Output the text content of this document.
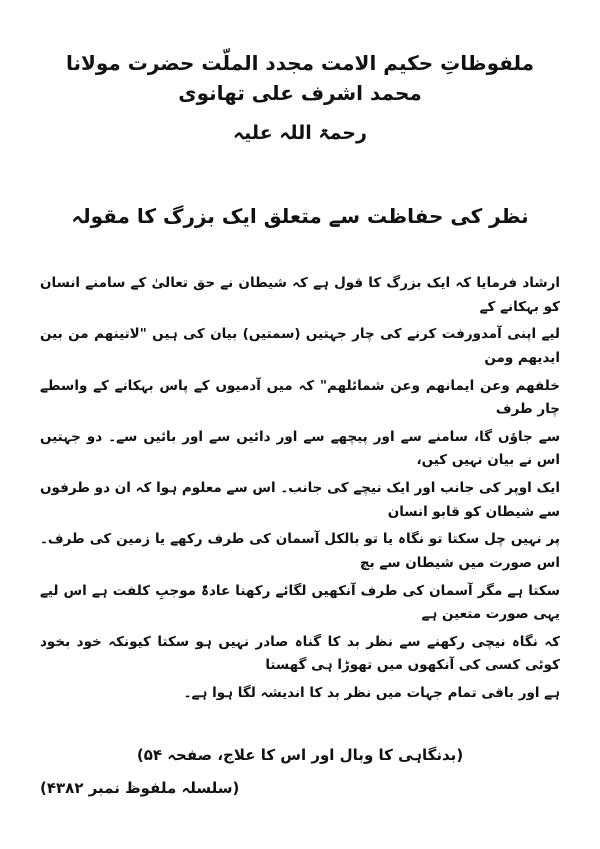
ملفوظاتِ حکیم الامت مجدد الملّت حضرت مولانا محمد اشرف علی تھانوی
رحمۃ اللہ علیہ
نظر کی حفاظت سے متعلق ایک بزرگ کا مقولہ
ارشاد فرمایا کہ ایک بزرگ کا قول ہے کہ شیطان نے حق تعالیٰ کے سامنے انسان کو بہکانے کے
لیے اپنی آمدورفت کرنے کی چار جہتیں (سمتیں) بیان کی ہیں "لاتینھم من بین ایدیھم ومن
خلفھم وعن ایمانھم وعن شمائلھم" کہ میں آدمیوں کے پاس بہکانے کے واسطے چار طرف
سے جاؤں گا، سامنے سے اور پیچھے سے اور دائیں سے اور بائیں سے۔ دو جہتیں اس نے بیان نہیں کیں،
ایک اوپر کی جانب اور ایک نیچے کی جانب۔ اس سے معلوم ہوا کہ ان دو طرفوں سے شیطان کو قابو انسان
پر نہیں چل سکتا تو نگاہ یا تو بالکل آسمان کی طرف رکھے یا زمین کی طرف۔ اس صورت میں شیطان سے بچ
سکتا ہے مگر آسمان کی طرف آنکھیں لگائے رکھنا عادۃً موجبِ کلفت ہے اس لیے یہی صورت متعین ہے
کہ نگاہ نیچی رکھنے سے نظر بد کا گناہ صادر نہیں ہو سکتا کیونکہ خود بخود کوئی کسی کی آنکھوں میں تھوڑا ہی گھستا
ہے اور باقی تمام جہات میں نظر بد کا اندیشہ لگا ہوا ہے۔
(بدنگاہی کا وبال اور اس کا علاج، صفحہ ۵۴)
(سلسلہ ملفوظ نمبر ۴۳۸۲)
